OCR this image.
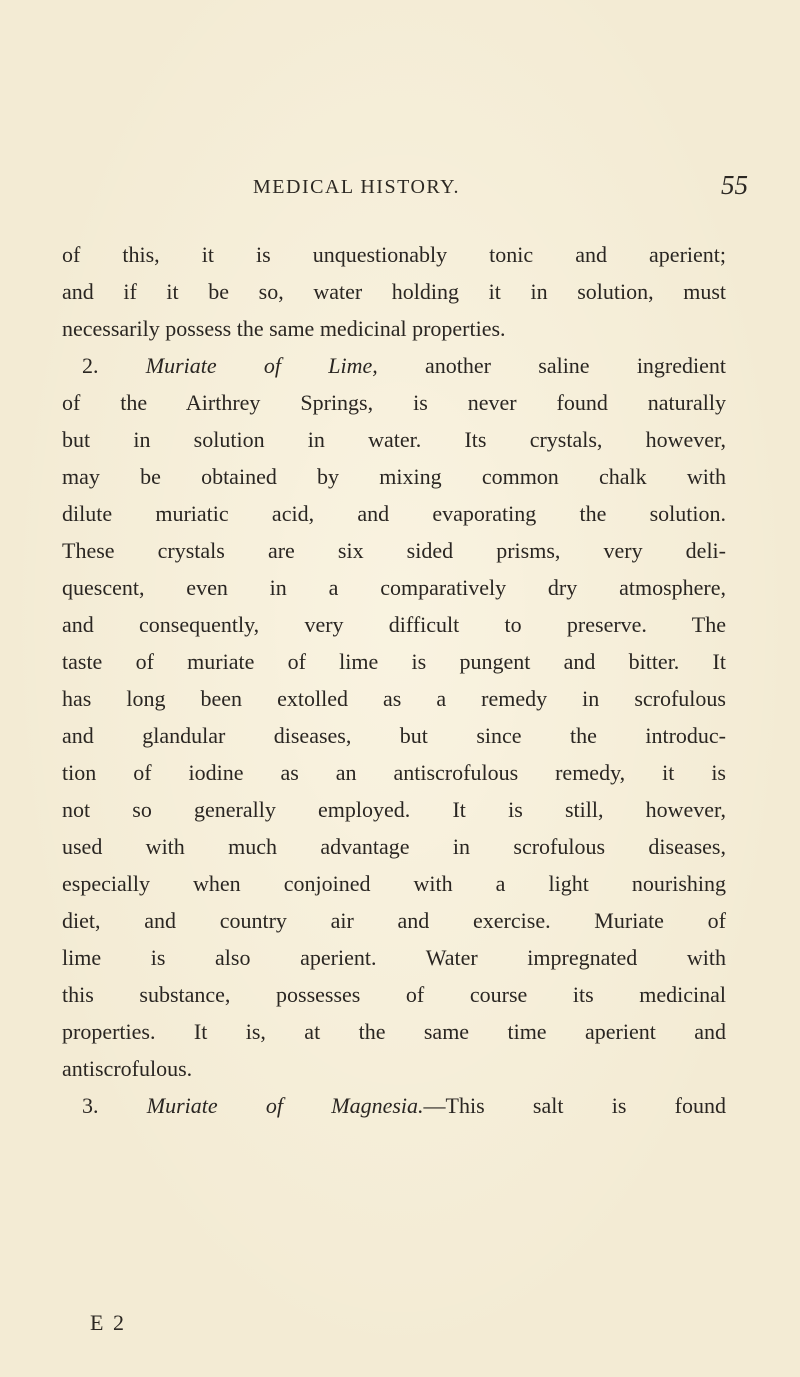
MEDICAL HISTORY.	55
of this, it is unquestionably tonic and aperient;
and if it be so, water holding it in solution, must
necessarily possess the same medicinal properties.
2. Muriate of Lime, another saline ingredient
of the Airthrey Springs, is never found naturally
but in solution in water. Its crystals, however,
may be obtained by mixing common chalk with
dilute muriatic acid, and evaporating the solution.
These crystals are six sided prisms, very deli-
quescent, even in a comparatively dry atmosphere,
and consequently, very difficult to preserve. The
taste of muriate of lime is pungent and bitter. It
has long been extolled as a remedy in scrofulous
and glandular diseases, but since the introduc-
tion of iodine as an antiscrofulous remedy, it is
not so generally employed. It is still, however,
used with much advantage in scrofulous diseases,
especially when conjoined with a light nourishing
diet, and country air and exercise. Muriate of
lime is also aperient. Water impregnated with
this substance, possesses of course its medicinal
properties. It is, at the same time aperient and
antiscrofulous.
3. Muriate of Magnesia.—This salt is found
E 2
